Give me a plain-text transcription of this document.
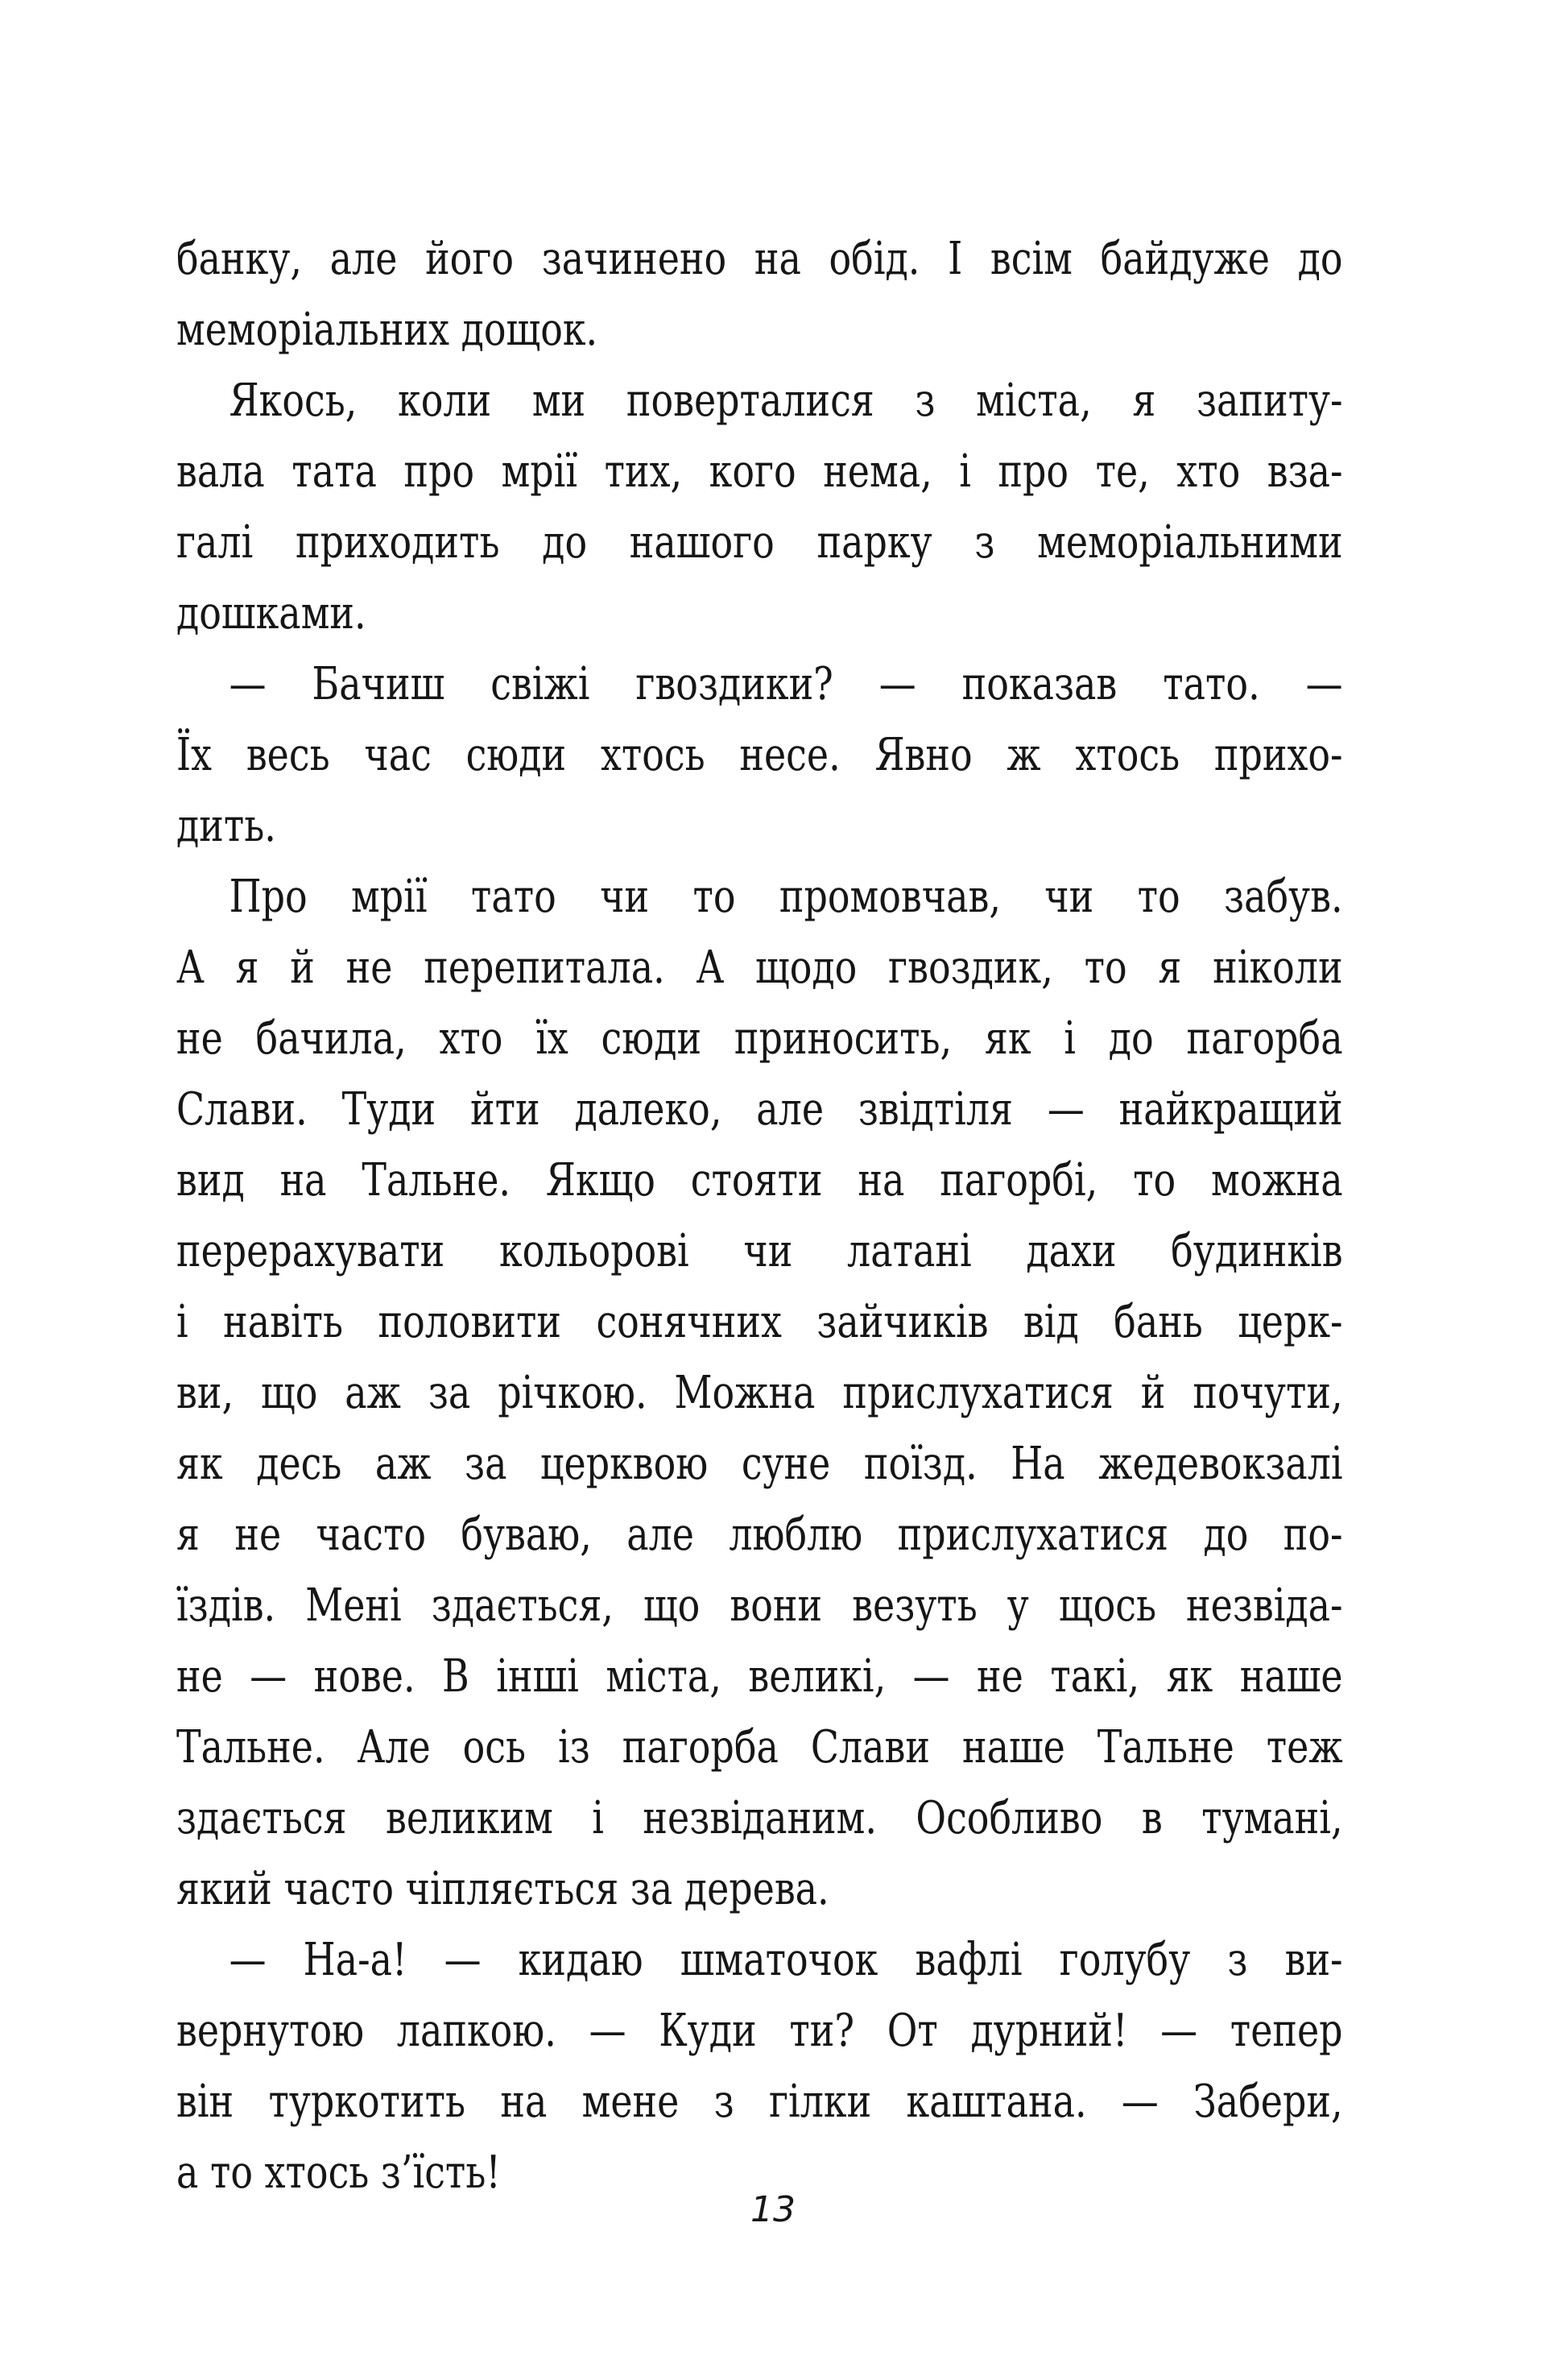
банку, але його зачинено на обід. І всім байдуже до
меморіальних дощок.
Якось, коли ми поверталися з міста, я запиту-
вала тата про мрії тих, кого нема, і про те, хто вза-
галі приходить до нашого парку з меморіальними
дошками.
— Бачиш свіжі гвоздики? — показав тато. —
Їх весь час сюди хтось несе. Явно ж хтось прихо-
дить.
Про мрії тато чи то промовчав, чи то забув.
А я й не перепитала. А щодо гвоздик, то я ніколи
не бачила, хто їх сюди приносить, як і до пагорба
Слави. Туди йти далеко, але звідтіля — найкращий
вид на Тальне. Якщо стояти на пагорбі, то можна
перерахувати кольорові чи латані дахи будинків
і навіть половити сонячних зайчиків від бань церк-
ви, що аж за річкою. Можна прислухатися й почути,
як десь аж за церквою суне поїзд. На жедевокзалі
я не часто буваю, але люблю прислухатися до по-
їздів. Мені здається, що вони везуть у щось незвіда-
не — нове. В інші міста, великі, — не такі, як наше
Тальне. Але ось із пагорба Слави наше Тальне теж
здається великим і незвіданим. Особливо в тумані,
який часто чіпляється за дерева.
— На-а! — кидаю шматочок вафлі голубу з ви-
вернутою лапкою. — Куди ти? От дурний! — тепер
він туркотить на мене з гілки каштана. — Забери,
а то хтось з’їсть!
13
